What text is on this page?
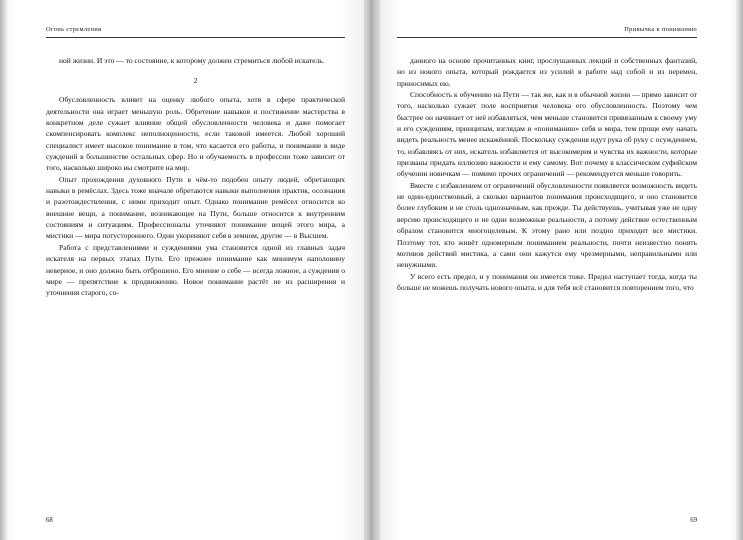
Огонь стремления

ной жизни. И это — то состояние, к которому должен стремиться любой искатель.

2

Обусловленность влияет на оценку любого опыта, хотя в сфере практической деятельности она играет меньшую роль. Обретение навыков и постижение мастерства в конкретном деле сужает влияние общей обусловленности человека и даже помогает скомпенсировать комплекс неполноценности, если таковой имеется. Любой хороший специалист имеет высокое понимание в том, что касается его работы, и понимание в виде суждений в большинстве остальных сфер. Но и обучаемость в профессии тоже зависит от того, насколько широко вы смотрите на мир.

Опыт прохождения духовного Пути в чём-то подобен опыту людей, обретающих навыки в ремёслах. Здесь тоже вначале обретаются навыки выполнения практик, осознания и разотождествления, с ними приходит опыт. Однако понимание ремёсел относится ко внешние вещи, а понимание, возникающее на Пути, больше относится к внутренним состояниям и ситуациям. Профессионалы уточняют понимание вещей этого мира, а мистики — мира потустороннего. Одни укореняют себя в земном, другие — в Высшем.

Работа с представлениями и суждениями ума становится одной из главных задач искателя на первых этапах Пути. Его прежнее понимание как минимум наполовину неверное, и оно должно быть отброшено. Его мнение о себе — всегда ложное, а суждения о мире — препятствие к продвижению. Новое понимание растёт не из расширения и уточнения старого, со-

68
Привычка к пониманию

данного на основе прочитанных книг, прослушанных лекций и собственных фантазий, но из нового опыта, который рождается из усилий в работе над собой и из перемен, приносимых ею.

Способность к обучению на Пути — так же, как и в обычной жизни — прямо зависит от того, насколько сужает поле восприятия человека его обусловленность. Поэтому чем быстрее он начинает от неё избавляться, чем меньше становится привязанным к своему уму и его суждениям, принципам, взглядам и «пониманию» себя и мира, тем проще ему начать видеть реальность менее искажённой. Поскольку суждения идут рука об руку с осуждением, то, избавляясь от них, искатель избавляется от высокомерия и чувства их важности, которые призваны придать иллюзию важности и ему самому. Вот почему в классическом суфийском обучении новичкам — помимо прочих ограничений — рекомендуется меньше говорить.

Вместе с избавлением от ограничений обусловленности появляется возможность видеть не один-единственный, а сколько вариантов понимания происходящего, и оно становится более глубоким и не столь однозначным, как прежде. Ты действуешь, учитывая уже не одну версию происходящего и не одни возможные реальности, а потому действие естественным образом становится многоцелевым. К этому рано или поздно приходит все мистики. Поэтому тот, кто живёт одномерным пониманием реальности, почти неизвестно понять мотивов действий мистика, а сами они кажутся ему чрезмерными, неправильными или ненужными.

У всего есть предел, и у понимания он имеется тоже. Предел наступает тогда, когда ты больше не можешь получать нового опыта, и для тебя всё становится повторением того, что

69
